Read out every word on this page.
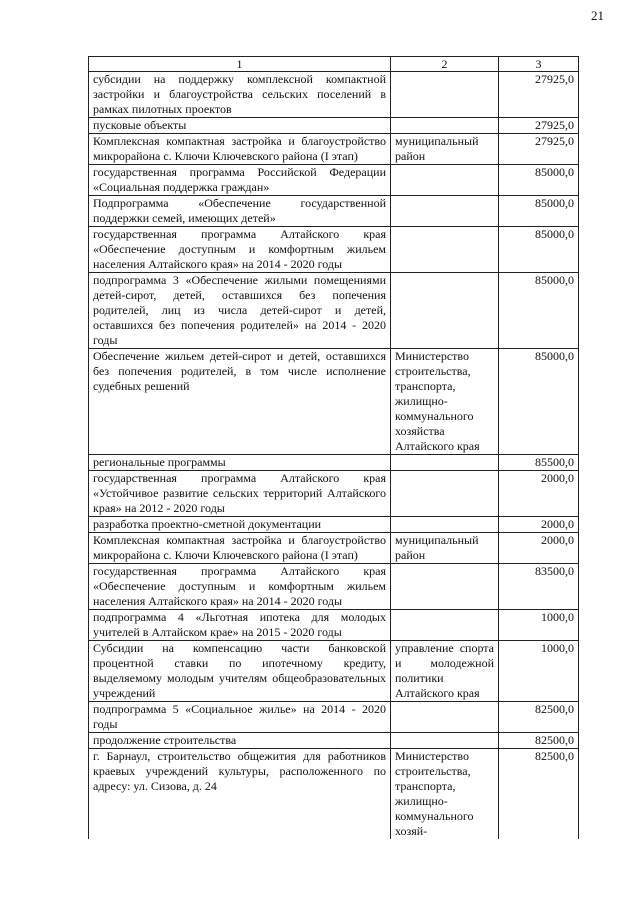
21
1	2	3
субсидии на поддержку комплексной компактной застройки и благоустройства сельских поселений в рамках пилотных проектов		27925,0
пусковые объекты		27925,0
Комплексная компактная застройка и благоустройство микрорайона с. Ключи Ключевского района (I этап)	муниципальный район	27925,0
государственная программа Российской Федерации «Социальная поддержка граждан»		85000,0
Подпрограмма «Обеспечение государственной поддержки семей, имеющих детей»		85000,0
государственная программа Алтайского края «Обеспечение доступным и комфортным жильем населения Алтайского края» на 2014 - 2020 годы		85000,0
подпрограмма 3 «Обеспечение жилыми помещениями детей-сирот, детей, оставшихся без попечения родителей, лиц из числа детей-сирот и детей, оставшихся без попечения родителей» на 2014 - 2020 годы		85000,0
Обеспечение жильем детей-сирот и детей, оставшихся без попечения родителей, в том числе исполнение судебных решений	Министерство строительства, транспорта, жилищно-коммунального хозяйства Алтайского края	85000,0
региональные программы		85500,0
государственная программа Алтайского края «Устойчивое развитие сельских территорий Алтайского края» на 2012 - 2020 годы		2000,0
разработка проектно-сметной документации		2000,0
Комплексная компактная застройка и благоустройство микрорайона с. Ключи Ключевского района (I этап)	муниципальный район	2000,0
государственная программа Алтайского края «Обеспечение доступным и комфортным жильем населения Алтайского края» на 2014 - 2020 годы		83500,0
подпрограмма 4 «Льготная ипотека для молодых учителей в Алтайском крае» на 2015 - 2020 годы		1000,0
Субсидии на компенсацию части банковской процентной ставки по ипотечному кредиту, выделяемому молодым учителям общеобразовательных учреждений	управление спорта и молодежной политики Алтайского края	1000,0
подпрограмма 5 «Социальное жилье» на 2014 - 2020 годы		82500,0
продолжение строительства		82500,0
г. Барнаул, строительство общежития для работников краевых учреждений культуры, расположенного по адресу: ул. Сизова, д. 24	Министерство строительства, транспорта, жилищно-коммунального хозяй-	82500,0
